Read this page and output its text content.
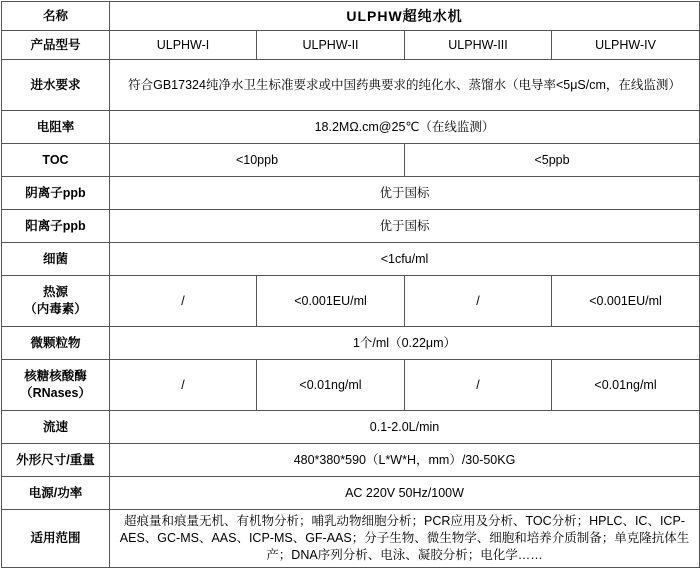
名称	ULPHW超纯水机			
产品型号	ULPHW-I	ULPHW-II	ULPHW-III	ULPHW-IV
进水要求	符合GB17324纯净水卫生标准要求或中国药典要求的纯化水、蒸馏水（电导率<5μS/cm，在线监测）			
电阻率	18.2MΩ.cm@25℃（在线监测）			
TOC	<10ppb		<5ppb	
阴离子ppb	优于国标			
阳离子ppb	优于国标			
细菌	<1cfu/ml			

热源
（内毒素）	/	<0.001EU/ml	/	<0.001EU/ml
微颗粒物	1个/ml（0.22μm）			

核糖核酸酶
（RNases）	/	<0.01ng/ml	/	<0.01ng/ml
流速	0.1-2.0L/min			
外形尺寸/重量	480*380*590（L*W*H，mm）/30-50KG			
电源/功率	AC 220V 50Hz/100W			
适用范围	超痕量和痕量无机、有机物分析；哺乳动物细胞分析；PCR应用及分析、TOC分析；HPLC、IC、ICP-AES、GC-MS、AAS、ICP-MS、GF-AAS；分子生物、微生物学、细胞和培养介质制备；单克隆抗体生产；DNA序列分析、电泳、凝胶分析；电化学……			
